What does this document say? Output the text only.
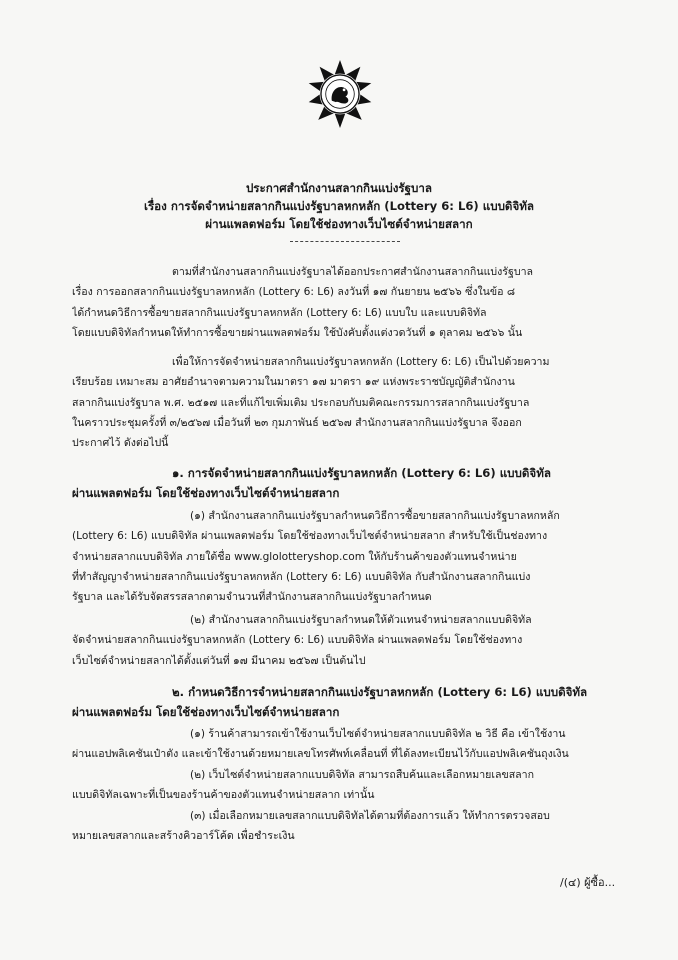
ประกาศสำนักงานสลากกินแบ่งรัฐบาล
เรื่อง การจัดจำหน่ายสลากกินแบ่งรัฐบาลหกหลัก (Lottery 6: L6) แบบดิจิทัล
ผ่านแพลตฟอร์ม โดยใช้ช่องทางเว็บไซต์จำหน่ายสลาก
ตามที่สำนักงานสลากกินแบ่งรัฐบาลได้ออกประกาศสำนักงานสลากกินแบ่งรัฐบาล
เรื่อง การออกสลากกินแบ่งรัฐบาลหกหลัก (Lottery 6: L6) ลงวันที่ ๑๗ กันยายน ๒๕๖๖ ซึ่งในข้อ ๘
ได้กำหนดวิธีการซื้อขายสลากกินแบ่งรัฐบาลหกหลัก (Lottery 6: L6) แบบใบ และแบบดิจิทัล
โดยแบบดิจิทัลกำหนดให้ทำการซื้อขายผ่านแพลตฟอร์ม ใช้บังคับตั้งแต่งวดวันที่ ๑ ตุลาคม ๒๕๖๖ นั้น
เพื่อให้การจัดจำหน่ายสลากกินแบ่งรัฐบาลหกหลัก (Lottery 6: L6) เป็นไปด้วยความ
เรียบร้อย เหมาะสม อาศัยอำนาจตามความในมาตรา ๑๗ มาตรา ๑๙ แห่งพระราชบัญญัติสำนักงาน
สลากกินแบ่งรัฐบาล พ.ศ. ๒๕๑๗ และที่แก้ไขเพิ่มเติม ประกอบกับมติคณะกรรมการสลากกินแบ่งรัฐบาล
ในคราวประชุมครั้งที่ ๓/๒๕๖๗ เมื่อวันที่ ๒๓ กุมภาพันธ์ ๒๕๖๗ สำนักงานสลากกินแบ่งรัฐบาล จึงออก
ประกาศไว้ ดังต่อไปนี้
๑. การจัดจำหน่ายสลากกินแบ่งรัฐบาลหกหลัก (Lottery 6: L6) แบบดิจิทัล
ผ่านแพลตฟอร์ม โดยใช้ช่องทางเว็บไซต์จำหน่ายสลาก
(๑) สำนักงานสลากกินแบ่งรัฐบาลกำหนดวิธีการซื้อขายสลากกินแบ่งรัฐบาลหกหลัก
(Lottery 6: L6) แบบดิจิทัล ผ่านแพลตฟอร์ม โดยใช้ช่องทางเว็บไซต์จำหน่ายสลาก สำหรับใช้เป็นช่องทาง
จำหน่ายสลากแบบดิจิทัล ภายใต้ชื่อ www.glolotteryshop.com ให้กับร้านค้าของตัวแทนจำหน่าย
ที่ทำสัญญาจำหน่ายสลากกินแบ่งรัฐบาลหกหลัก (Lottery 6: L6) แบบดิจิทัล กับสำนักงานสลากกินแบ่ง
รัฐบาล และได้รับจัดสรรสลากตามจำนวนที่สำนักงานสลากกินแบ่งรัฐบาลกำหนด
(๒) สำนักงานสลากกินแบ่งรัฐบาลกำหนดให้ตัวแทนจำหน่ายสลากแบบดิจิทัล
จัดจำหน่ายสลากกินแบ่งรัฐบาลหกหลัก (Lottery 6: L6) แบบดิจิทัล ผ่านแพลตฟอร์ม โดยใช้ช่องทาง
เว็บไซต์จำหน่ายสลากได้ตั้งแต่วันที่ ๑๗ มีนาคม ๒๕๖๗ เป็นต้นไป
๒. กำหนดวิธีการจำหน่ายสลากกินแบ่งรัฐบาลหกหลัก (Lottery 6: L6) แบบดิจิทัล
ผ่านแพลตฟอร์ม โดยใช้ช่องทางเว็บไซต์จำหน่ายสลาก
(๑) ร้านค้าสามารถเข้าใช้งานเว็บไซต์จำหน่ายสลากแบบดิจิทัล ๒ วิธี คือ เข้าใช้งาน
ผ่านแอปพลิเคชันเป๋าตัง และเข้าใช้งานด้วยหมายเลขโทรศัพท์เคลื่อนที่ ที่ได้ลงทะเบียนไว้กับแอปพลิเคชันถุงเงิน
(๒) เว็บไซต์จำหน่ายสลากแบบดิจิทัล สามารถสืบค้นและเลือกหมายเลขสลาก
แบบดิจิทัลเฉพาะที่เป็นของร้านค้าของตัวแทนจำหน่ายสลาก เท่านั้น
(๓) เมื่อเลือกหมายเลขสลากแบบดิจิทัลได้ตามที่ต้องการแล้ว ให้ทำการตรวจสอบ
หมายเลขสลากและสร้างคิวอาร์โค้ด เพื่อชำระเงิน
/(๔) ผู้ซื้อ...
